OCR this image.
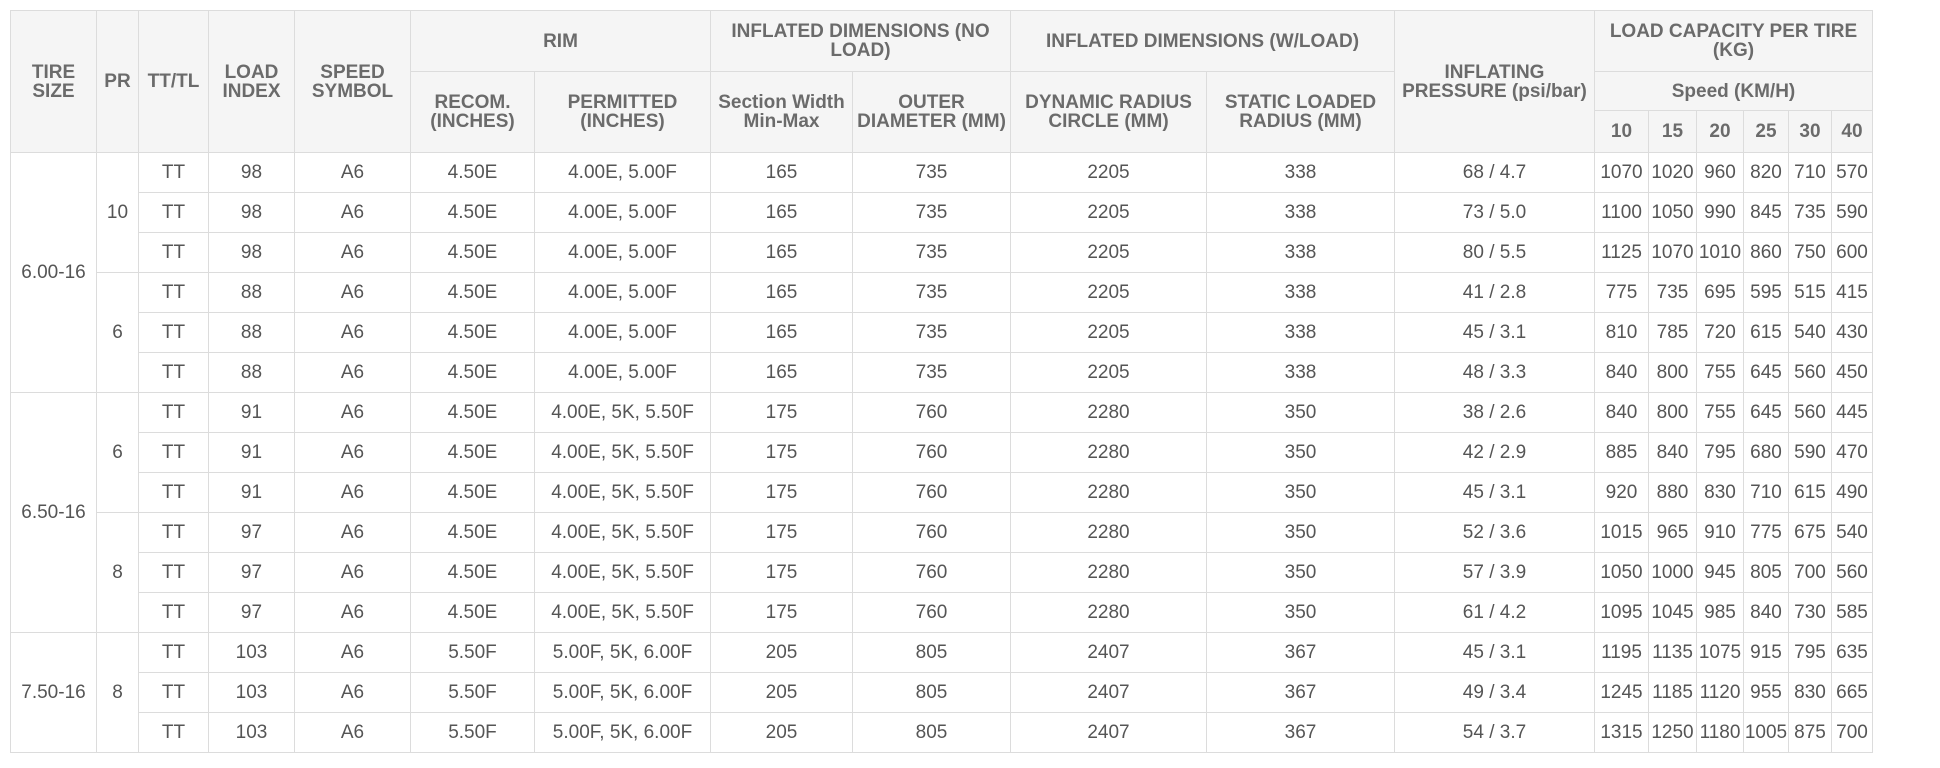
TIRE SIZE	PR	TT/TL	LOAD INDEX	SPEED SYMBOL	RIM		INFLATED DIMENSIONS (NO LOAD)		INFLATED DIMENSIONS (W/LOAD)		INFLATING PRESSURE (psi/bar)	LOAD CAPACITY PER TIRE (KG)					
					RECOM. (INCHES)	PERMITTED (INCHES)	Section Width Min-Max	OUTER DIAMETER (MM)	DYNAMIC RADIUS CIRCLE (MM)	STATIC LOADED RADIUS (MM)		Speed (KM/H)					
												10	15	20	25	30	40
6.00-16	10	TT	98	A6	4.50E	4.00E, 5.00F	165	735	2205	338	68 / 4.7	1070	1020	960	820	710	570
		TT	98	A6	4.50E	4.00E, 5.00F	165	735	2205	338	73 / 5.0	1100	1050	990	845	735	590
		TT	98	A6	4.50E	4.00E, 5.00F	165	735	2205	338	80 / 5.5	1125	1070	1010	860	750	600
	6	TT	88	A6	4.50E	4.00E, 5.00F	165	735	2205	338	41 / 2.8	775	735	695	595	515	415
		TT	88	A6	4.50E	4.00E, 5.00F	165	735	2205	338	45 / 3.1	810	785	720	615	540	430
		TT	88	A6	4.50E	4.00E, 5.00F	165	735	2205	338	48 / 3.3	840	800	755	645	560	450
6.50-16	6	TT	91	A6	4.50E	4.00E, 5K, 5.50F	175	760	2280	350	38 / 2.6	840	800	755	645	560	445
		TT	91	A6	4.50E	4.00E, 5K, 5.50F	175	760	2280	350	42 / 2.9	885	840	795	680	590	470
		TT	91	A6	4.50E	4.00E, 5K, 5.50F	175	760	2280	350	45 / 3.1	920	880	830	710	615	490
	8	TT	97	A6	4.50E	4.00E, 5K, 5.50F	175	760	2280	350	52 / 3.6	1015	965	910	775	675	540
		TT	97	A6	4.50E	4.00E, 5K, 5.50F	175	760	2280	350	57 / 3.9	1050	1000	945	805	700	560
		TT	97	A6	4.50E	4.00E, 5K, 5.50F	175	760	2280	350	61 / 4.2	1095	1045	985	840	730	585
7.50-16	8	TT	103	A6	5.50F	5.00F, 5K, 6.00F	205	805	2407	367	45 / 3.1	1195	1135	1075	915	795	635
		TT	103	A6	5.50F	5.00F, 5K, 6.00F	205	805	2407	367	49 / 3.4	1245	1185	1120	955	830	665
		TT	103	A6	5.50F	5.00F, 5K, 6.00F	205	805	2407	367	54 / 3.7	1315	1250	1180	1005	875	700
